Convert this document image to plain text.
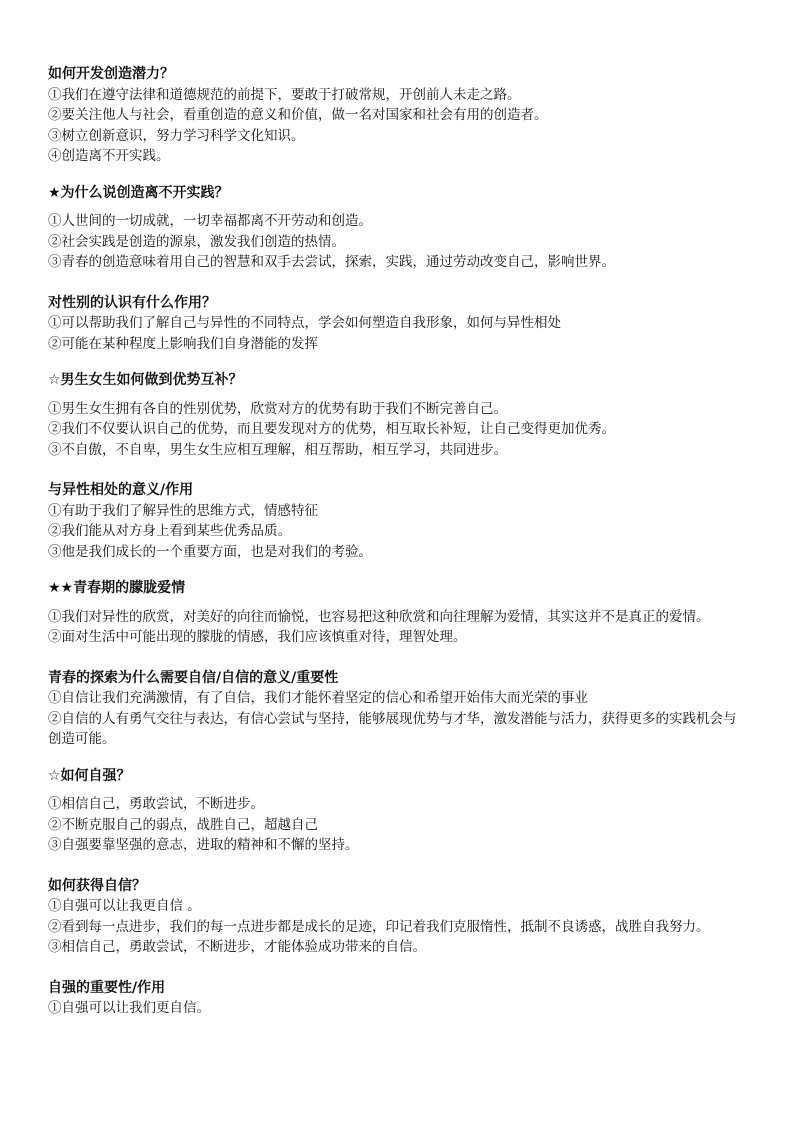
如何开发创造潜力？
①我们在遵守法律和道德规范的前提下，要敢于打破常规，开创前人未走之路。
②要关注他人与社会，看重创造的意义和价值，做一名对国家和社会有用的创造者。
③树立创新意识，努力学习科学文化知识。
④创造离不开实践。
★为什么说创造离不开实践？
①人世间的一切成就，一切幸福都离不开劳动和创造。
②社会实践是创造的源泉，激发我们创造的热情。
③青春的创造意味着用自己的智慧和双手去尝试，探索，实践，通过劳动改变自己，影响世界。
对性别的认识有什么作用？
①可以帮助我们了解自己与异性的不同特点，学会如何塑造自我形象，如何与异性相处
②可能在某种程度上影响我们自身潜能的发挥
☆男生女生如何做到优势互补？
①男生女生拥有各自的性别优势，欣赏对方的优势有助于我们不断完善自己。
②我们不仅要认识自己的优势，而且要发现对方的优势，相互取长补短，让自己变得更加优秀。
③不自傲，不自卑，男生女生应相互理解，相互帮助，相互学习，共同进步。
与异性相处的意义/作用
①有助于我们了解异性的思维方式，情感特征
②我们能从对方身上看到某些优秀品质。
③他是我们成长的一个重要方面，也是对我们的考验。
★★青春期的朦胧爱情
①我们对异性的欣赏，对美好的向往而愉悦，也容易把这种欣赏和向往理解为爱情，其实这并不是真正的爱情。
②面对生活中可能出现的朦胧的情感，我们应该慎重对待，理智处理。
青春的探索为什么需要自信/自信的意义/重要性
①自信让我们充满激情，有了自信，我们才能怀着坚定的信心和希望开始伟大而光荣的事业
②自信的人有勇气交往与表达，有信心尝试与坚持，能够展现优势与才华，激发潜能与活力，获得更多的实践机会与创造可能。
☆如何自强？
①相信自己，勇敢尝试，不断进步。
②不断克服自己的弱点，战胜自己，超越自己
③自强要靠坚强的意志，进取的精神和不懈的坚持。
如何获得自信？
①自强可以让我更自信 。
②看到每一点进步，我们的每一点进步都是成长的足迹，印记着我们克服惰性，抵制不良诱惑，战胜自我努力。
③相信自己，勇敢尝试，不断进步，才能体验成功带来的自信。
自强的重要性/作用
①自强可以让我们更自信。
